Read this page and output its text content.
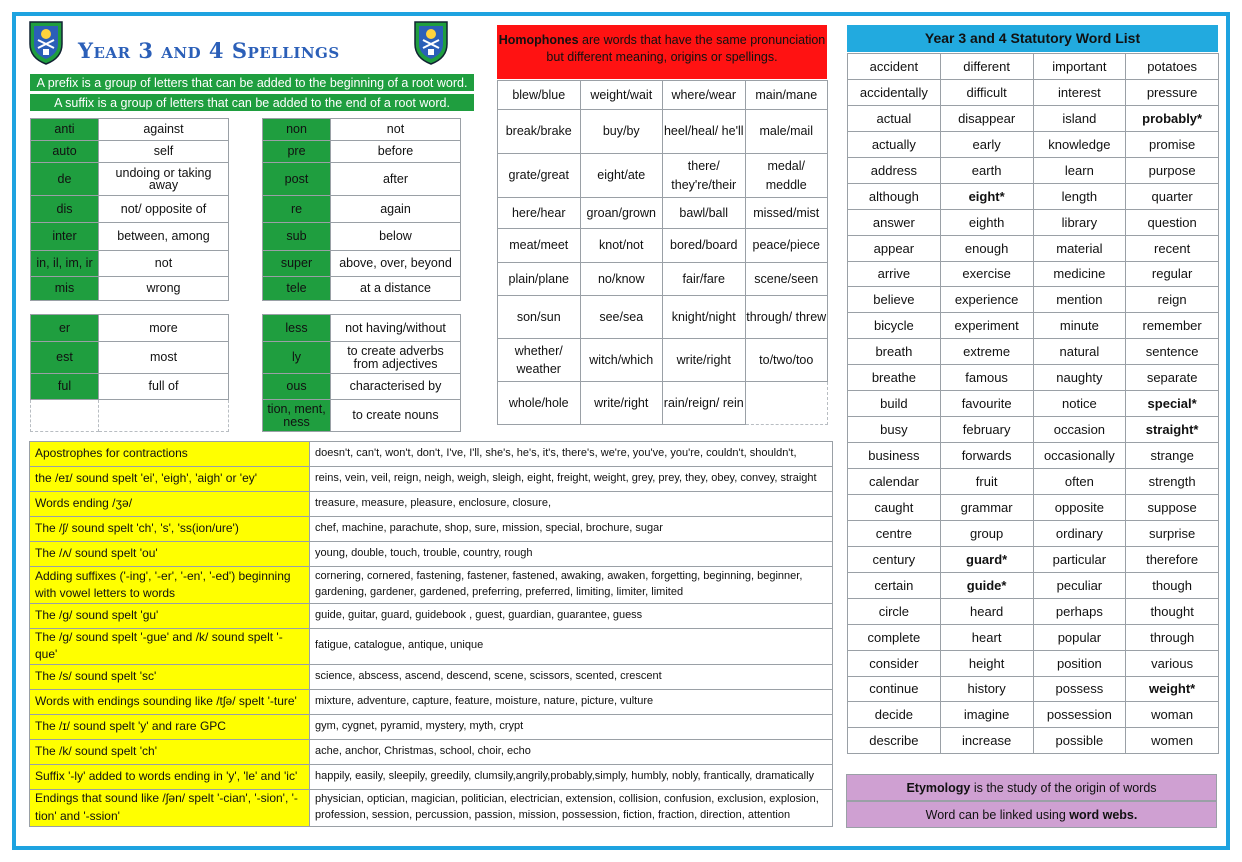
Year 3 and 4 Spellings
A prefix is a group of letters that can be added to the beginning of a root word.
A suffix is a group of letters that can be added to the end of a root word.
anti	against
auto	self
de	undoing or taking away
dis	not/ opposite of
inter	between, among
in, il, im, ir	not
mis	wrong
non	not
pre	before
post	after
re	again
sub	below
super	above, over, beyond
tele	at a distance
er	more
est	most
ful	full of

less	not having/without
ly	to create adverbs from adjectives
ous	characterised by
tion, ment, ness	to create nouns
Homophones are words that have the same pronunciation but different meaning, origins or spellings.
blew/blue	weight/wait	where/wear	main/mane
break/brake	buy/by	heel/heal/ he'll	male/mail
grate/great	eight/ate	there/ they're/their	medal/ meddle
here/hear	groan/grown	bawl/ball	missed/mist
meat/meet	knot/not	bored/board	peace/piece
plain/plane	no/know	fair/fare	scene/seen
son/sun	see/sea	knight/night	through/ threw
whether/ weather	witch/which	write/right	to/two/too
whole/hole	write/right	rain/reign/ rein	
Year 3 and 4 Statutory Word List
accident	different	important	potatoes
accidentally	difficult	interest	pressure
actual	disappear	island	probably*
actually	early	knowledge	promise
address	earth	learn	purpose
although	eight*	length	quarter
answer	eighth	library	question
appear	enough	material	recent
arrive	exercise	medicine	regular
believe	experience	mention	reign
bicycle	experiment	minute	remember
breath	extreme	natural	sentence
breathe	famous	naughty	separate
build	favourite	notice	special*
busy	february	occasion	straight*
business	forwards	occasionally	strange
calendar	fruit	often	strength
caught	grammar	opposite	suppose
centre	group	ordinary	surprise
century	guard*	particular	therefore
certain	guide*	peculiar	though
circle	heard	perhaps	thought
complete	heart	popular	through
consider	height	position	various
continue	history	possess	weight*
decide	imagine	possession	woman
describe	increase	possible	women
Apostrophes for contractions	doesn't, can't, won't, don't, I've, I'll, she's, he's, it's, there's, we're, you've, you're, couldn't, shouldn't,
the /eɪ/ sound spelt 'ei', 'eigh', 'aigh' or 'ey'	reins, vein, veil, reign, neigh, weigh, sleigh, eight, freight, weight, grey, prey, they, obey, convey, straight
Words ending /ʒə/	treasure, measure, pleasure, enclosure, closure,
The /ʃ/ sound spelt 'ch', 's', 'ss(ion/ure')	chef, machine, parachute, shop, sure, mission, special, brochure, sugar
The /ʌ/ sound spelt 'ou'	young, double, touch, trouble, country, rough
Adding suffixes ('-ing', '-er', '-en', '-ed') beginning with vowel letters to words	cornering, cornered, fastening, fastener, fastened, awaking, awaken, forgetting, beginning, beginner, gardening, gardener, gardened, preferring, preferred, limiting, limiter, limited
The /g/ sound spelt 'gu'	guide, guitar, guard, guidebook , guest, guardian, guarantee, guess
The /g/ sound spelt '-gue' and /k/ sound spelt '-que'	fatigue, catalogue, antique, unique
The /s/ sound spelt 'sc'	science, abscess, ascend, descend, scene, scissors, scented, crescent
Words with endings sounding like /tʃə/ spelt '-ture'	mixture, adventure, capture, feature, moisture, nature, picture, vulture
The /ɪ/ sound spelt 'y' and rare GPC	gym, cygnet, pyramid, mystery, myth, crypt
The /k/ sound spelt 'ch'	ache, anchor, Christmas, school, choir, echo
Suffix '-ly' added to words ending in 'y', 'le' and 'ic'	happily, easily, sleepily, greedily, clumsily,angrily,probably,simply, humbly, nobly, frantically, dramatically
Endings that sound like /ʃən/ spelt '-cian', '-sion', '-tion' and '-ssion'	physician, optician, magician, politician, electrician, extension, collision, confusion, exclusion, explosion, profession, session, percussion, passion, mission, possession, fiction, fraction, direction, attention
Etymology is the study of the origin of words
Word can be linked using word webs.
